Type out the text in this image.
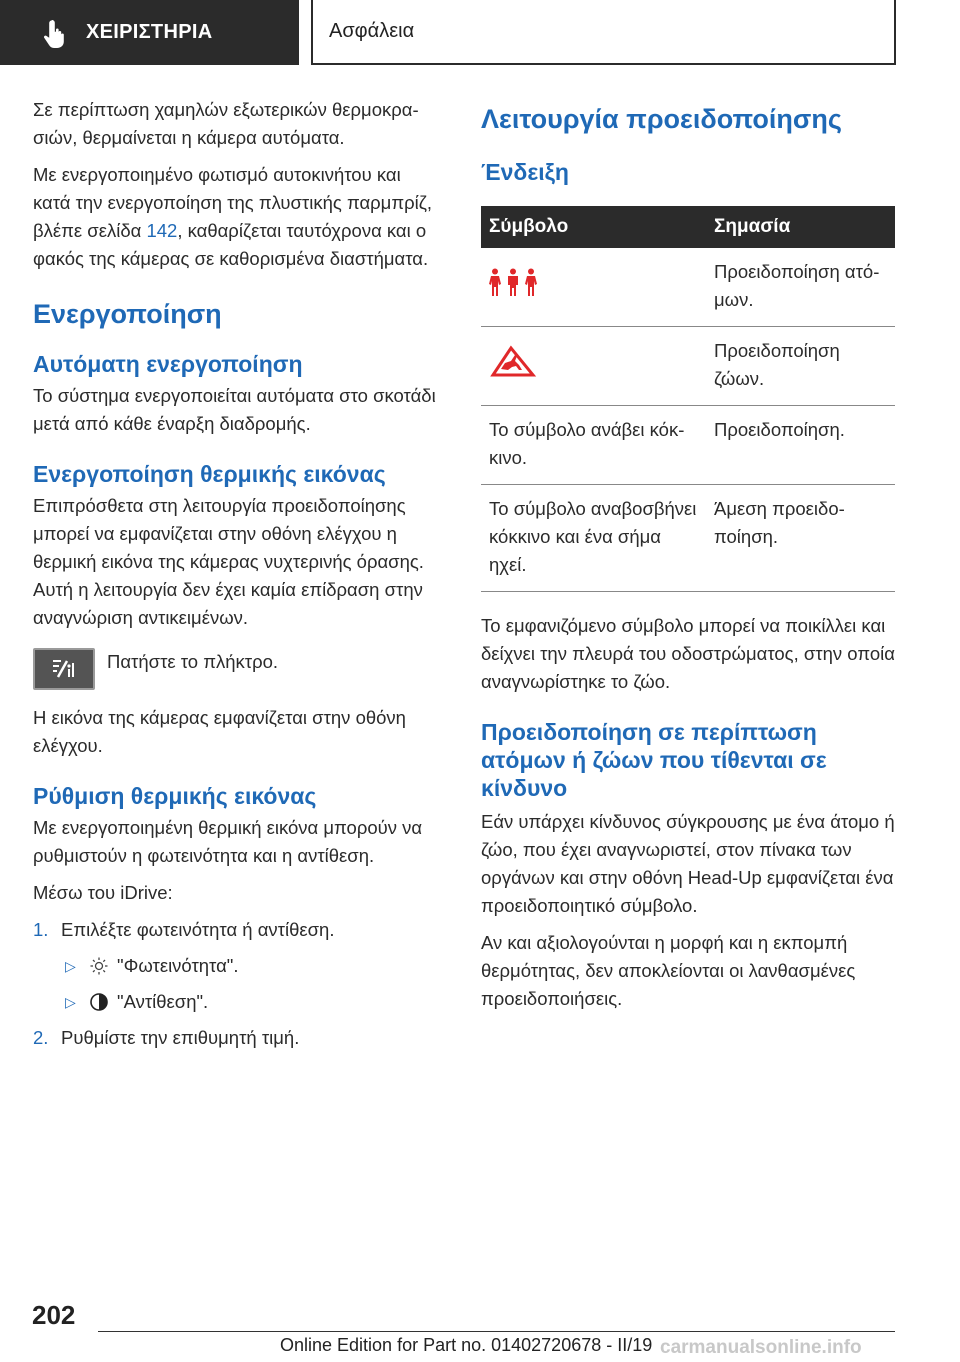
ΧΕΙΡΙΣΤΗΡΙΑ	Ασφάλεια

Σε περίπτωση χαμηλών εξωτερικών θερμοκρασιών, θερμαίνεται η κάμερα αυτόματα.

Με ενεργοποιημένο φωτισμό αυτοκινήτου και κατά την ενεργοποίηση της πλυστικής παρμπρίζ, βλέπε σελίδα 142, καθαρίζεται ταυτόχρονα και ο φακός της κάμερας σε καθορισμένα διαστήματα.

Ενεργοποίηση
Αυτόματη ενεργοποίηση

Το σύστημα ενεργοποιείται αυτόματα στο σκοτάδι μετά από κάθε έναρξη διαδρομής.

Ενεργοποίηση θερμικής εικόνας

Επιπρόσθετα στη λειτουργία προειδοποίησης μπορεί να εμφανίζεται στην οθόνη ελέγχου η θερμική εικόνα της κάμερας νυχτερινής όρασης. Αυτή η λειτουργία δεν έχει καμία επίδραση στην αναγνώριση αντικειμένων.

Πατήστε το πλήκτρο.

Η εικόνα της κάμερας εμφανίζεται στην οθόνη ελέγχου.

Ρύθμιση θερμικής εικόνας

Με ενεργοποιημένη θερμική εικόνα μπορούν να ρυθμιστούν η φωτεινότητα και η αντίθεση.

Μέσω του iDrive:

1. Επιλέξτε φωτεινότητα ή αντίθεση.
▷	"Φωτεινότητα".
▷	"Αντίθεση".
2. Ρυθμίστε την επιθυμητή τιμή.
Λειτουργία προειδοποίησης
Ένδειξη
Σύμβολο	Σημασία
	Προειδοποίηση ατόμων.
	Προειδοποίηση ζώων.
Το σύμβολο ανάβει κόκκινο.	Προειδοποίηση.
Το σύμβολο αναβοσβήνει κόκκινο και ένα σήμα ηχεί.	Άμεση προειδοποίηση.

Το εμφανιζόμενο σύμβολο μπορεί να ποικίλλει και δείχνει την πλευρά του οδοστρώματος, στην οποία αναγνωρίστηκε το ζώο.

Προειδοποίηση σε περίπτωση ατόμων ή ζώων που τίθενται σε κίνδυνο

Εάν υπάρχει κίνδυνος σύγκρουσης με ένα άτομο ή ζώο, που έχει αναγνωριστεί, στον πίνακα των οργάνων και στην οθόνη Head-Up εμφανίζεται ένα προειδοποιητικό σύμβολο.

Αν και αξιολογούνται η μορφή και η εκπομπή θερμότητας, δεν αποκλείονται οι λανθασμένες προειδοποιήσεις.

202
Online Edition for Part no. 01402720678 - II/19 carmanualsonline.info
